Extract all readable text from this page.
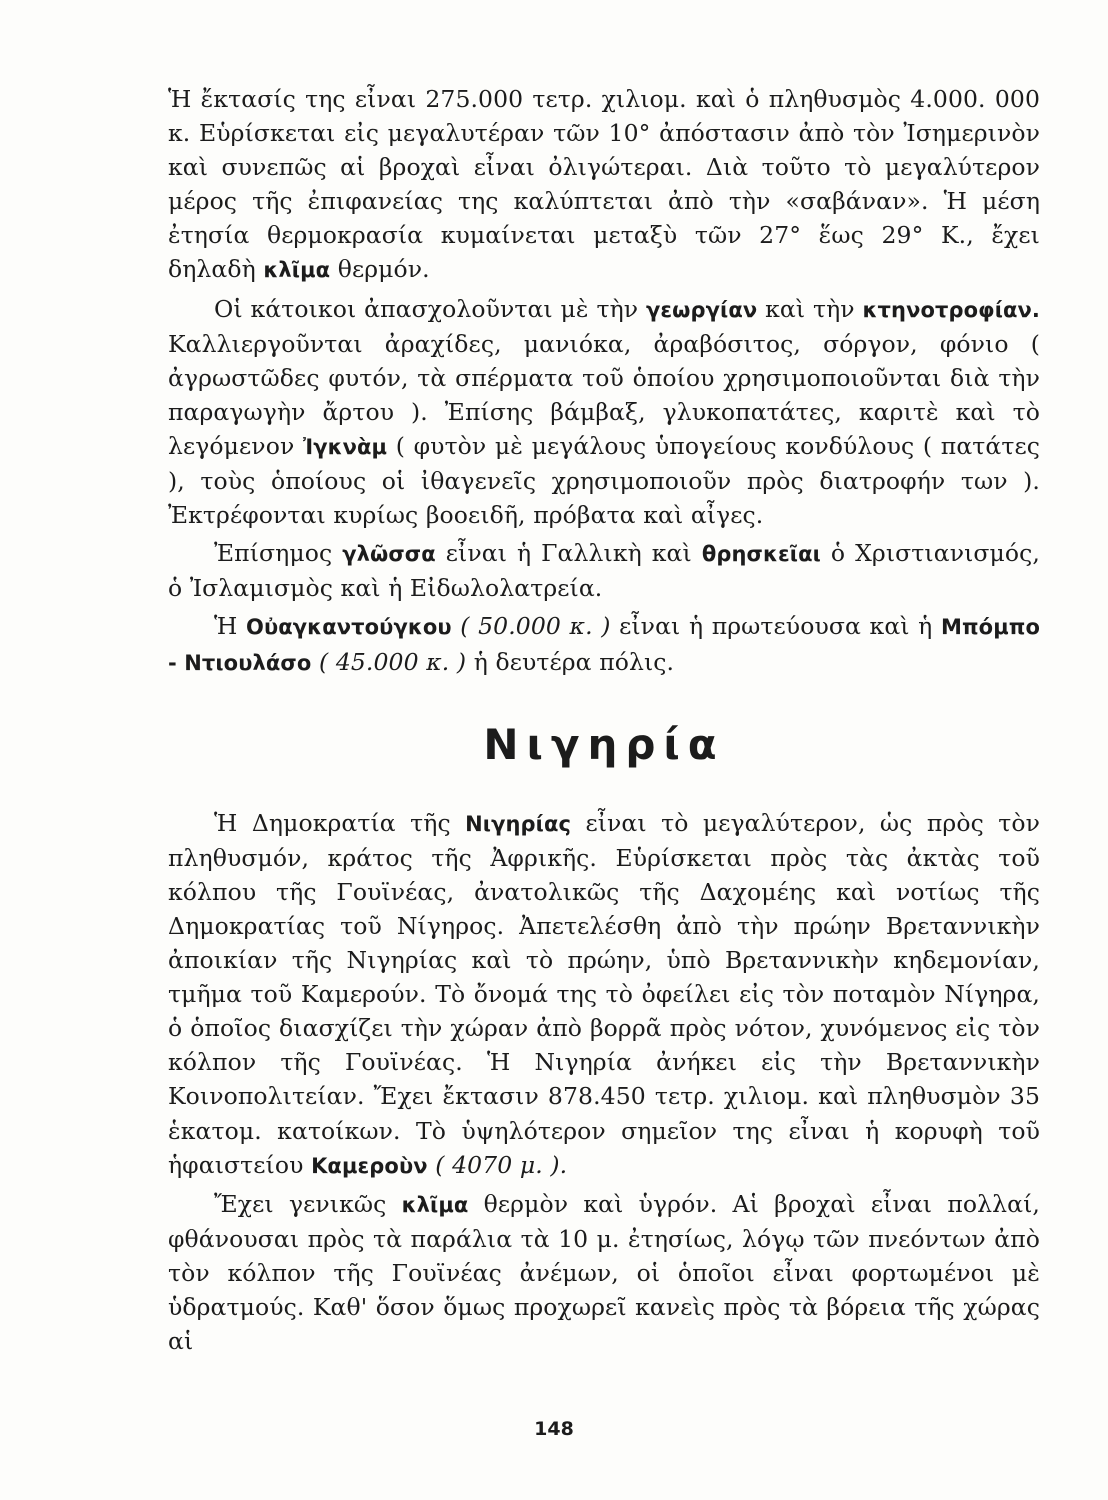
Ἡ ἔκτασίς της εἶναι 275.000 τετρ. χιλιομ. καὶ ὁ πληθυσμὸς 4.000. 000 κ. Εὑρίσκεται εἰς μεγαλυτέραν τῶν 10° ἀπόστασιν ἀπὸ τὸν Ἰσημερινὸν καὶ συνεπῶς αἱ βροχαὶ εἶναι ὀλιγώτεραι. Διὰ τοῦτο τὸ μεγαλύτερον μέρος τῆς ἐπιφανείας της καλύπτεται ἀπὸ τὴν «σαβάναν». Ἡ μέση ἐτησία θερμοκρασία κυμαίνεται μεταξὺ τῶν 27° ἕως 29° Κ., ἔχει δηλαδὴ κλῖμα θερμόν.

Οἱ κάτοικοι ἀπασχολοῦνται μὲ τὴν γεωργίαν καὶ τὴν κτηνοτροφίαν. Καλλιεργοῦνται ἀραχίδες, μανιόκα, ἀραβόσιτος, σόργον, φόνιο ( ἀγρωστῶδες φυτόν, τὰ σπέρματα τοῦ ὁποίου χρησιμοποιοῦνται διὰ τὴν παραγωγὴν ἄρτου ). Ἐπίσης βάμβαξ, γλυκοπατάτες, καριτὲ καὶ τὸ λεγόμενον Ἰγκνὰμ ( φυτὸν μὲ μεγάλους ὑπογείους κονδύλους ( πατάτες ), τοὺς ὁποίους οἱ ἰθαγενεῖς χρησιμοποιοῦν πρὸς διατροφήν των ). Ἐκτρέφονται κυρίως βοοειδῆ, πρόβατα καὶ αἶγες.

Ἐπίσημος γλῶσσα εἶναι ἡ Γαλλικὴ καὶ θρησκεῖαι ὁ Χριστιανισμός, ὁ Ἰσλαμισμὸς καὶ ἡ Εἰδωλολατρεία.

Ἡ Οὐαγκαντούγκου ( 50.000 κ. ) εἶναι ἡ πρωτεύουσα καὶ ἡ Μπόμπο - Ντιουλάσο ( 45.000 κ. ) ἡ δευτέρα πόλις.

Νιγηρία

Ἡ Δημοκρατία τῆς Νιγηρίας εἶναι τὸ μεγαλύτερον, ὡς πρὸς τὸν πληθυσμόν, κράτος τῆς Ἀφρικῆς. Εὑρίσκεται πρὸς τὰς ἀκτὰς τοῦ κόλπου τῆς Γουϊνέας, ἀνατολικῶς τῆς Δαχομέης καὶ νοτίως τῆς Δημοκρατίας τοῦ Νίγηρος. Ἀπετελέσθη ἀπὸ τὴν πρώην Βρεταννικὴν ἀποικίαν τῆς Νιγηρίας καὶ τὸ πρώην, ὑπὸ Βρεταννικὴν κηδεμονίαν, τμῆμα τοῦ Καμερούν. Τὸ ὄνομά της τὸ ὀφείλει εἰς τὸν ποταμὸν Νίγηρα, ὁ ὁποῖος διασχίζει τὴν χώραν ἀπὸ βορρᾶ πρὸς νότον, χυνόμενος εἰς τὸν κόλπον τῆς Γουϊνέας. Ἡ Νιγηρία ἀνήκει εἰς τὴν Βρεταννικὴν Κοινοπολιτείαν. Ἔχει ἔκτασιν 878.450 τετρ. χιλιομ. καὶ πληθυσμὸν 35 ἑκατομ. κατοίκων. Τὸ ὑψηλότερον σημεῖον της εἶναι ἡ κορυφὴ τοῦ ἡφαιστείου Καμεροὺν ( 4070 μ. ).

Ἔχει γενικῶς κλῖμα θερμὸν καὶ ὑγρόν. Αἱ βροχαὶ εἶναι πολλαί, φθάνουσαι πρὸς τὰ παράλια τὰ 10 μ. ἐτησίως, λόγῳ τῶν πνεόντων ἀπὸ τὸν κόλπον τῆς Γουϊνέας ἀνέμων, οἱ ὁποῖοι εἶναι φορτωμένοι μὲ ὑδρατμούς. Καθ' ὅσον ὅμως προχωρεῖ κανεὶς πρὸς τὰ βόρεια τῆς χώρας αἱ

148
